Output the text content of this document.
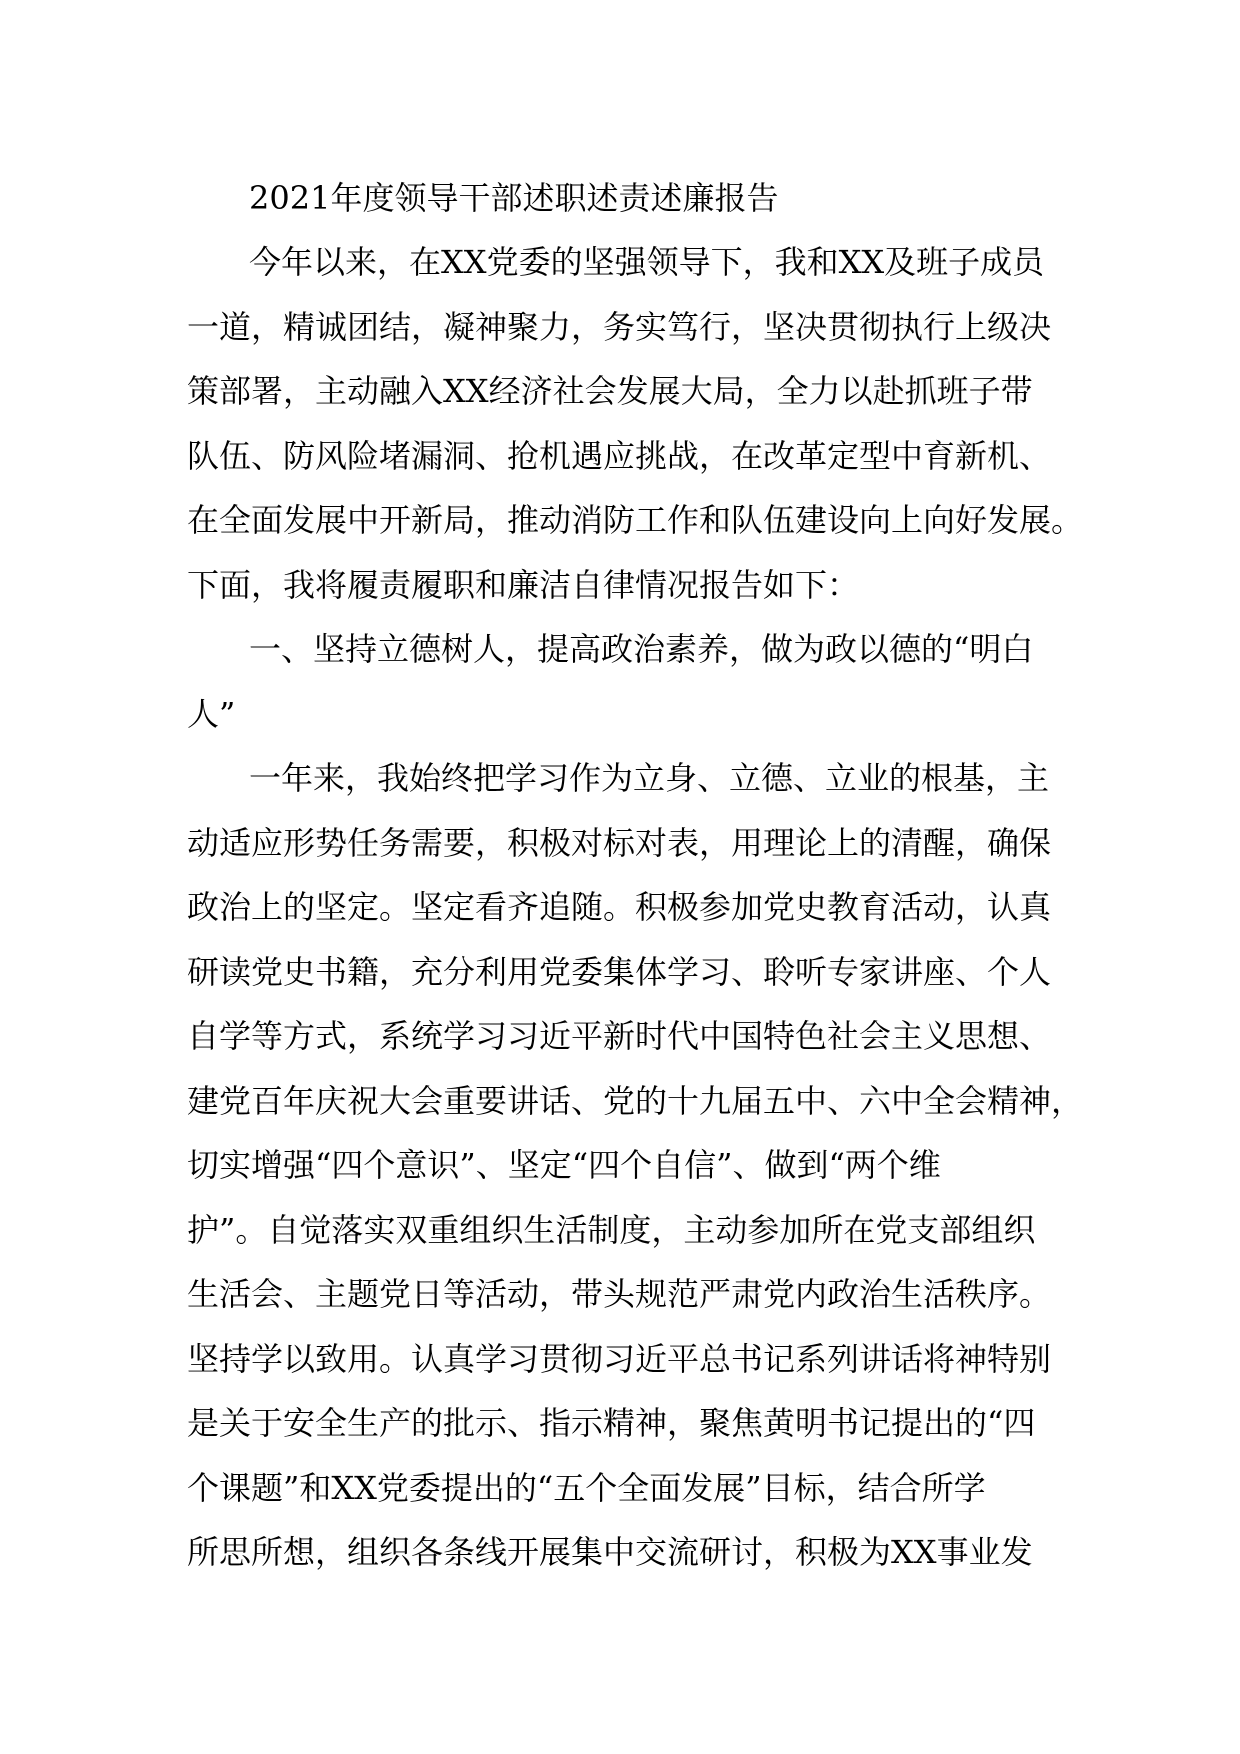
2021年度领导干部述职述责述廉报告

今年以来，在XX党委的坚强领导下，我和XX及班子成员

一道，精诚团结，凝神聚力，务实笃行，坚决贯彻执行上级决

策部署，主动融入XX经济社会发展大局，全力以赴抓班子带

队伍、防风险堵漏洞、抢机遇应挑战，在改革定型中育新机、

在全面发展中开新局，推动消防工作和队伍建设向上向好发展。

下面，我将履责履职和廉洁自律情况报告如下：

一、坚持立德树人，提高政治素养，做为政以德的“明白

人”

一年来，我始终把学习作为立身、立德、立业的根基，主

动适应形势任务需要，积极对标对表，用理论上的清醒，确保

政治上的坚定。坚定看齐追随。积极参加党史教育活动，认真

研读党史书籍，充分利用党委集体学习、聆听专家讲座、个人

自学等方式，系统学习习近平新时代中国特色社会主义思想、

建党百年庆祝大会重要讲话、党的十九届五中、六中全会精神，

切实增强“四个意识”、坚定“四个自信”、做到“两个维

护”。自觉落实双重组织生活制度，主动参加所在党支部组织

生活会、主题党日等活动，带头规范严肃党内政治生活秩序。

坚持学以致用。认真学习贯彻习近平总书记系列讲话将神特别

是关于安全生产的批示、指示精神，聚焦黄明书记提出的“四

个课题”和XX党委提出的“五个全面发展”目标，结合所学

所思所想，组织各条线开展集中交流研讨，积极为XX事业发
